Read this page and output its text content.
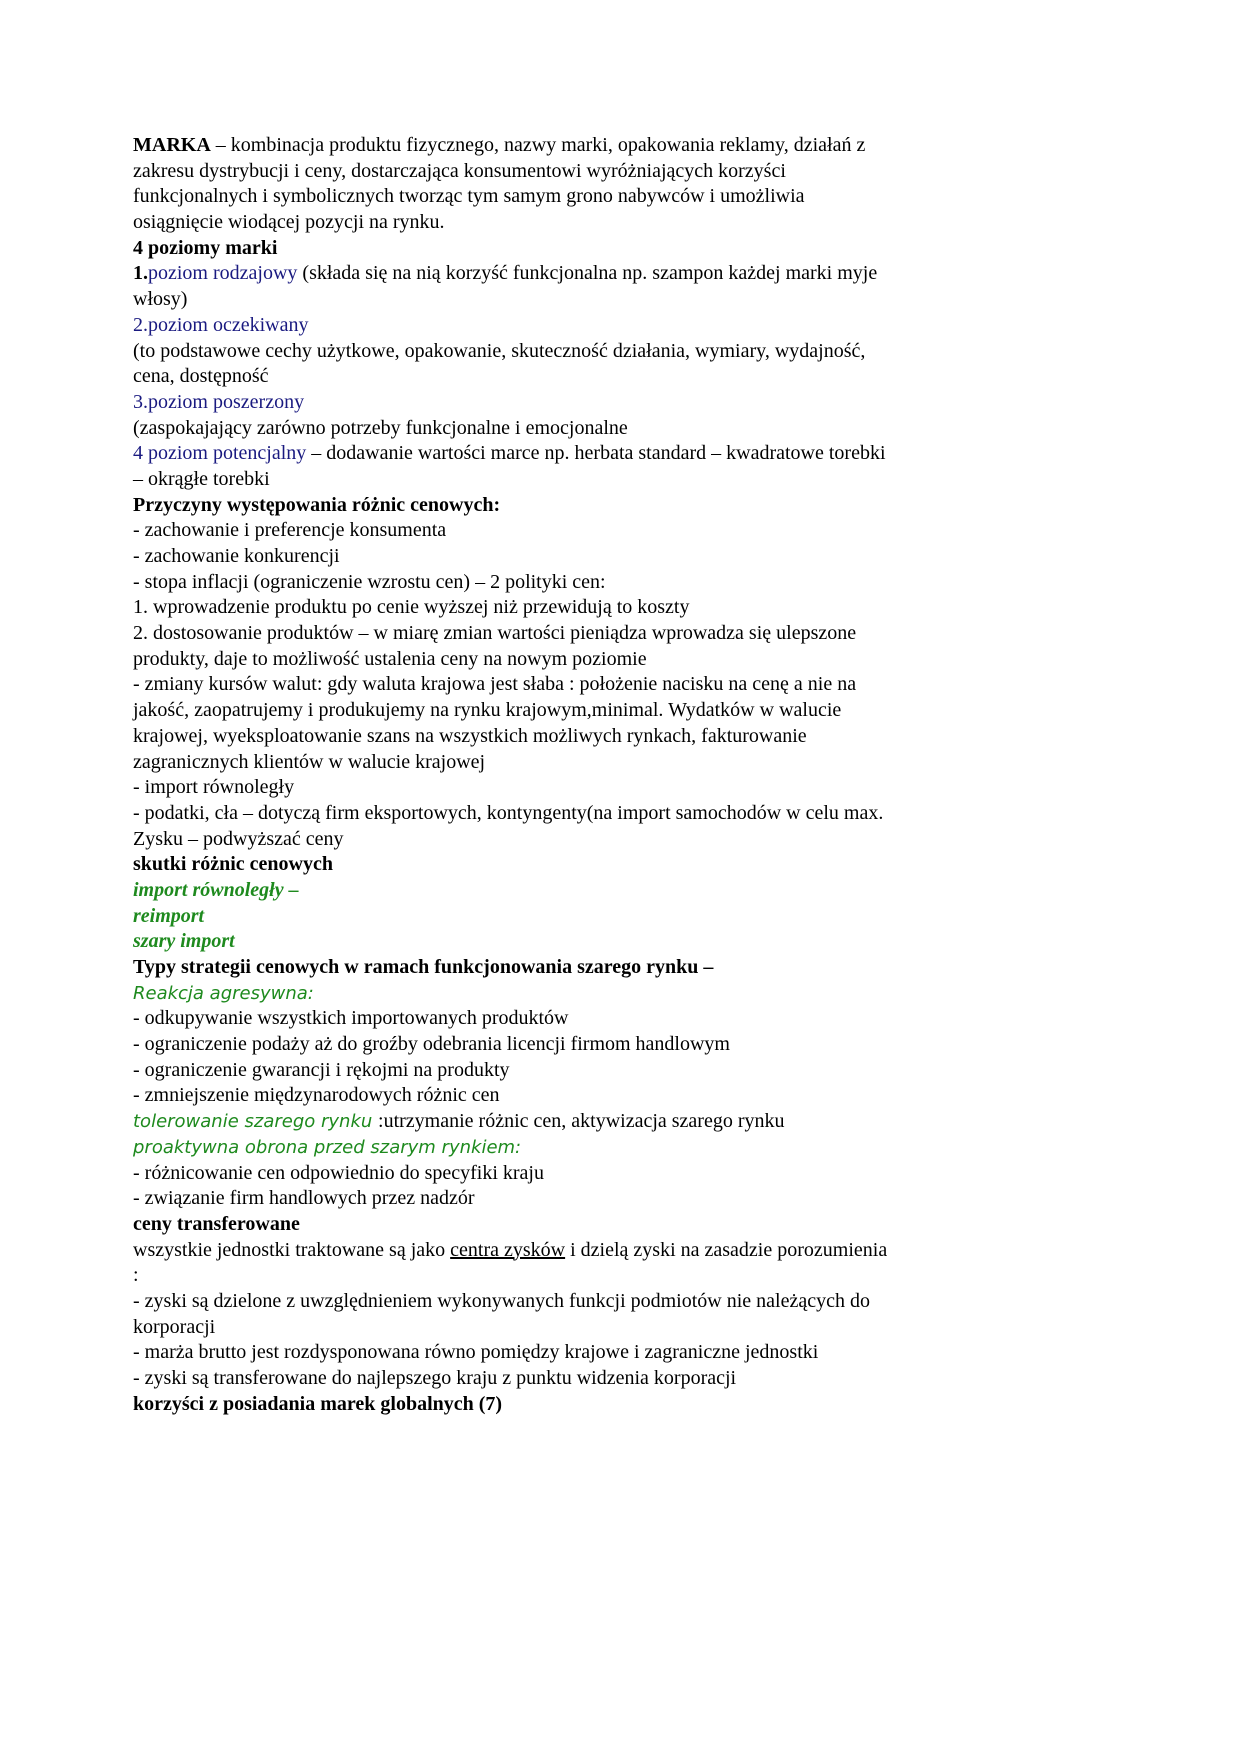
MARKA – kombinacja produktu fizycznego, nazwy marki, opakowania reklamy, działań z
zakresu dystrybucji i ceny, dostarczająca konsumentowi wyróżniających korzyści
funkcjonalnych i symbolicznych tworząc tym samym grono nabywców i umożliwia
osiągnięcie wiodącej pozycji na rynku.
4 poziomy marki
1.poziom rodzajowy (składa się na nią korzyść funkcjonalna np. szampon każdej marki myje
włosy)
2.poziom oczekiwany
(to podstawowe cechy użytkowe, opakowanie, skuteczność działania, wymiary, wydajność,
cena, dostępność
3.poziom poszerzony
(zaspokajający zarówno potrzeby funkcjonalne i emocjonalne
4 poziom potencjalny – dodawanie wartości marce np. herbata standard – kwadratowe torebki
– okrągłe torebki
Przyczyny występowania różnic cenowych:
- zachowanie i preferencje konsumenta
- zachowanie konkurencji
- stopa inflacji (ograniczenie wzrostu cen) – 2 polityki cen:
1. wprowadzenie produktu po cenie wyższej niż przewidują to koszty
2. dostosowanie produktów – w miarę zmian wartości pieniądza wprowadza się ulepszone
produkty, daje to możliwość ustalenia ceny na nowym poziomie
- zmiany kursów walut: gdy waluta krajowa jest słaba : położenie nacisku na cenę a nie na
jakość, zaopatrujemy i produkujemy na rynku krajowym,minimal. Wydatków w walucie
krajowej, wyeksploatowanie szans na wszystkich możliwych rynkach, fakturowanie
zagranicznych klientów w walucie krajowej
- import równoległy
- podatki, cła – dotyczą firm eksportowych, kontyngenty(na import samochodów w celu max.
Zysku – podwyższać ceny
skutki różnic cenowych
import równoległy –
reimport
szary import
Typy strategii cenowych w ramach funkcjonowania szarego rynku –
Reakcja agresywna:
- odkupywanie wszystkich importowanych produktów
- ograniczenie podaży aż do groźby odebrania licencji firmom handlowym
- ograniczenie gwarancji i rękojmi na produkty
- zmniejszenie międzynarodowych różnic cen
tolerowanie szarego rynku :utrzymanie różnic cen, aktywizacja szarego rynku
proaktywna obrona przed szarym rynkiem:
- różnicowanie cen odpowiednio do specyfiki kraju
- związanie firm handlowych przez nadzór
ceny transferowane
wszystkie jednostki traktowane są jako centra zysków i dzielą zyski na zasadzie porozumienia
:
- zyski są dzielone z uwzględnieniem wykonywanych funkcji podmiotów nie należących do
korporacji
- marża brutto jest rozdysponowana równo pomiędzy krajowe i zagraniczne jednostki
- zyski są transferowane do najlepszego kraju z punktu widzenia korporacji
korzyści z posiadania marek globalnych (7)
